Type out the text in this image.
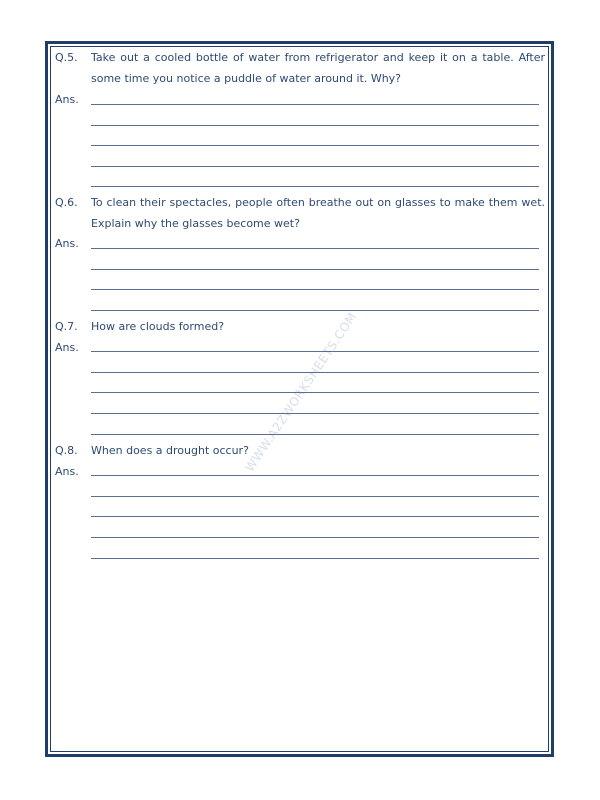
WWW.A2ZWORKSHEETS.COM
Q.5. Take out a cooled bottle of water from refrigerator and keep it on a table. After some time you notice a puddle of water around it. Why?
Ans.
Q.6. To clean their spectacles, people often breathe out on glasses to make them wet. Explain why the glasses become wet?
Ans.
Q.7. How are clouds formed?
Ans.
Q.8. When does a drought occur?
Ans.
